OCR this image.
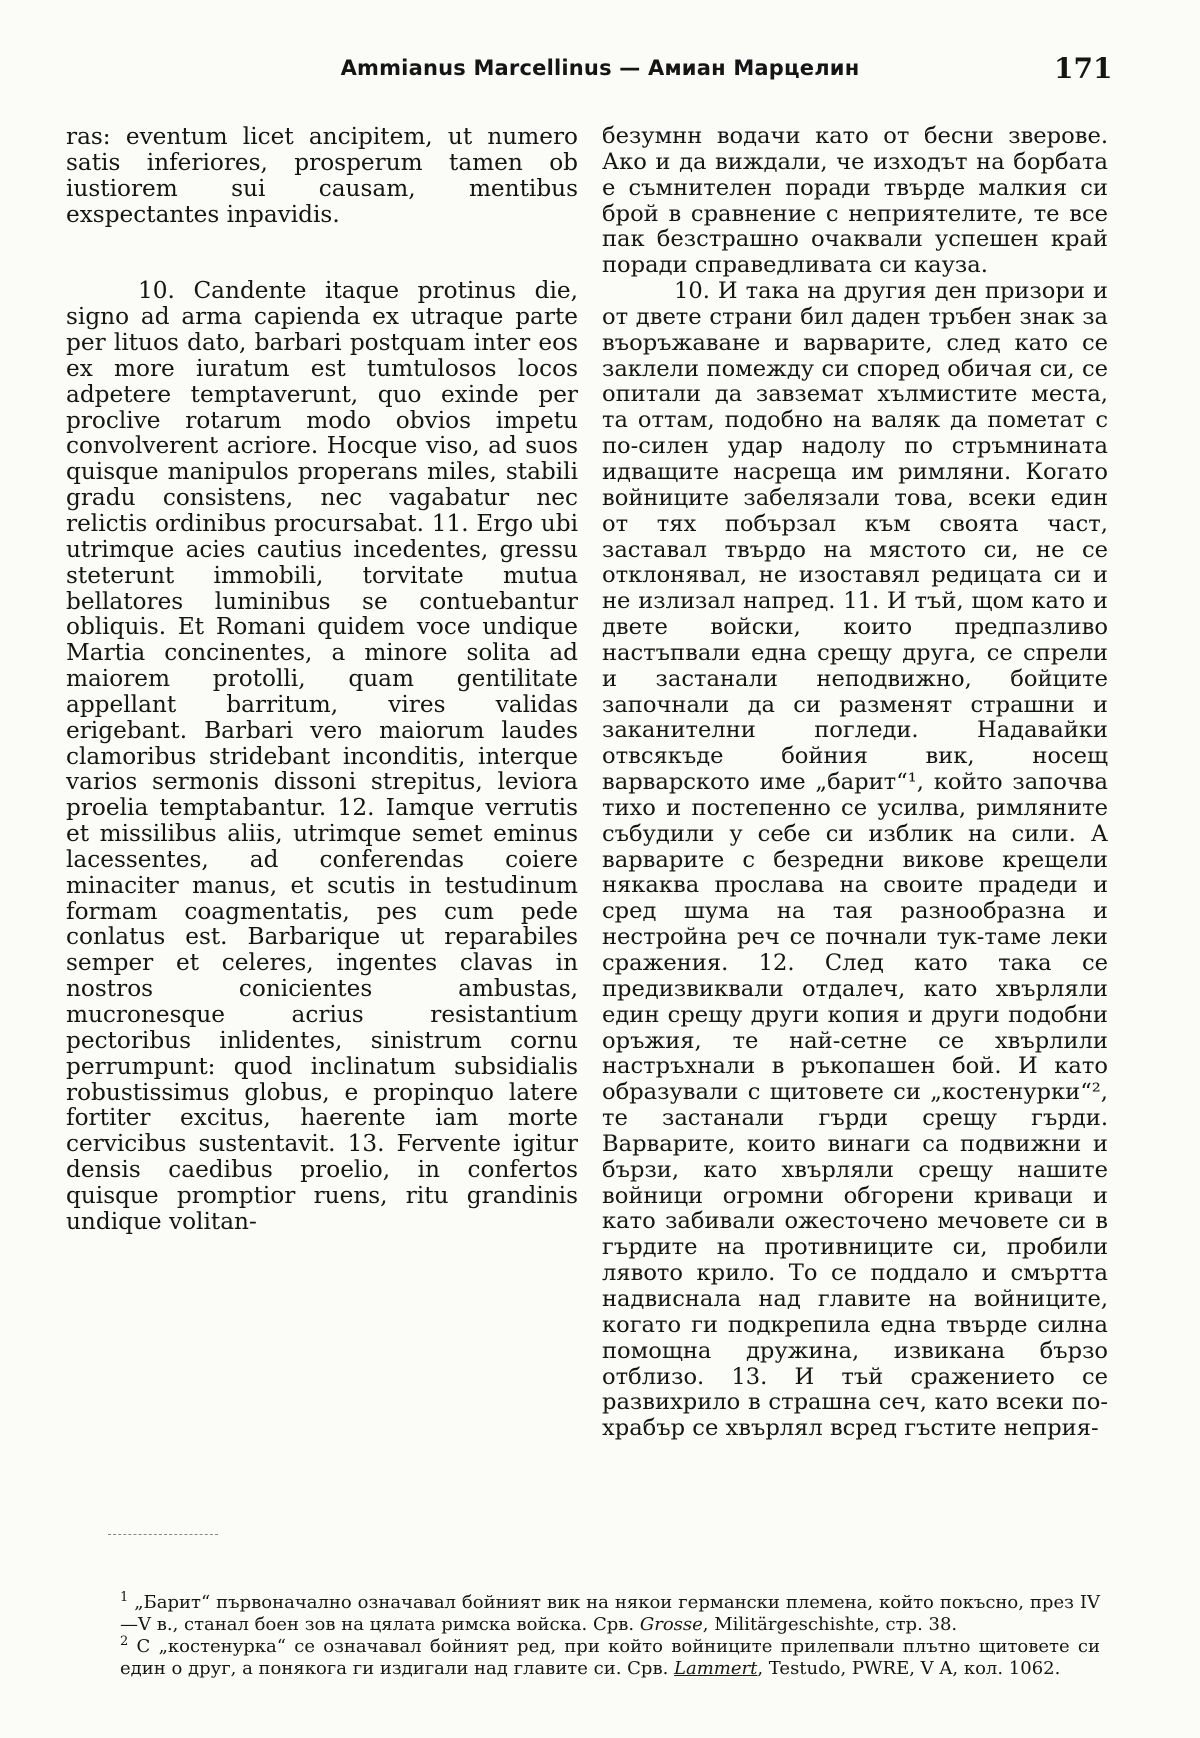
Ammianus Marcellinus — Амиан Марцелин	171

ras: eventum licet ancipitem, ut numero satis inferiores, prosperum tamen ob iustiorem sui causam, mentibus exspectantes inpavidis.

10. Candente itaque protinus die, signo ad arma capienda ex utraque parte per lituos dato, barbari postquam inter eos ex more iuratum est tumtulosos locos adpetere temptaverunt, quo exinde per proclive rotarum modo obvios impetu convolverent acriore. Hocque viso, ad suos quisque manipulos properans miles, stabili gradu consistens, nec vagabatur nec relictis ordinibus procursabat. 11. Ergo ubi utrimque acies cautius incedentes, gressu steterunt immobili, torvitate mutua bellatores luminibus se contuebantur obliquis. Et Romani quidem voce undique Martia concinentes, a minore solita ad maiorem protolli, quam gentilitate appellant barritum, vires validas erigebant. Barbari vero maiorum laudes clamoribus stridebant inconditis, interque varios sermonis dissoni strepitus, leviora proelia temptabantur. 12. Iamque verrutis et missilibus aliis, utrimque semet eminus lacessentes, ad conferendas coiere minaciter manus, et scutis in testudinum formam coagmentatis, pes cum pede conlatus est. Barbarique ut reparabiles semper et celeres, ingentes clavas in nostros conicientes ambustas, mucronesque acrius resistantium pectoribus inlidentes, sinistrum cornu perrumpunt: quod inclinatum subsidialis robustissimus globus, e propinquo latere fortiter excitus, haerente iam morte cervicibus sustentavit. 13. Fervente igitur densis caedibus proelio, in confertos quisque promptior ruens, ritu grandinis undique volitan-

безумнн водачи като от бесни зверове. Ако и да виждали, че изходът на борбата е съмнителен поради твърде малкия си брой в сравнение с неприятелите, те все пак безстрашно очаквали успешен край поради справедливата си кауза.

10. И така на другия ден призори и от двете страни бил даден тръбен знак за въоръжаване и варварите, след като се заклели помежду си според обичая си, се опитали да завземат хълмистите места, та оттам, подобно на валяк да пометат с по-силен удар надолу по стръмнината идващите насреща им римляни. Когато войниците забелязали това, всеки един от тях побързал към своята част, заставал твърдо на мястото си, не се отклонявал, не изоставял редицата си и не излизал напред. 11. И тъй, щом като и двете войски, които предпазливо настъпвали една срещу друга, се спрели и застанали неподвижно, бойците започнали да си разменят страшни и заканителни погледи. Надавайки отвсякъде бойния вик, носещ варварското име „барит“¹, който започва тихо и постепенно се усилва, римляните събудили у себе си изблик на сили. А варварите с безредни викове крещели някаква прослава на своите прадеди и сред шума на тая разнообразна и нестройна реч се почнали тук-таме леки сражения. 12. След като така се предизвиквали отдалеч, като хвърляли един срещу други копия и други подобни оръжия, те най-сетне се хвърлили настръхнали в ръкопашен бой. И като образували с щитовете си „костенурки“², те застанали гърди срещу гърди. Варварите, които винаги са подвижни и бързи, като хвърляли срещу нашите войници огромни обгорени криваци и като забивали ожесточено мечовете си в гърдите на противниците си, пробили лявото крило. То се поддало и смъртта надвиснала над главите на войниците, когато ги подкрепила една твърде силна помощна дружина, извикана бързо отблизо. 13. И тъй сражението се развихрило в страшна сеч, като всеки по-храбър се хвърлял всред гъстите неприя-

$^1$ „Барит“ първоначално означавал бойният вик на някои германски племена, който покъсно, през IV—V в., станал боен зов на цялата римска войска. Срв. Grosse, Militärgeschishte, стр. 38.

$^2$ С „костенурка“ се означавал бойният ред, при който войниците прилепвали плътно щитовете си един о друг, а понякога ги издигали над главите си. Срв. Lammert, Testudo, PWRE, V A, кол. 1062.
